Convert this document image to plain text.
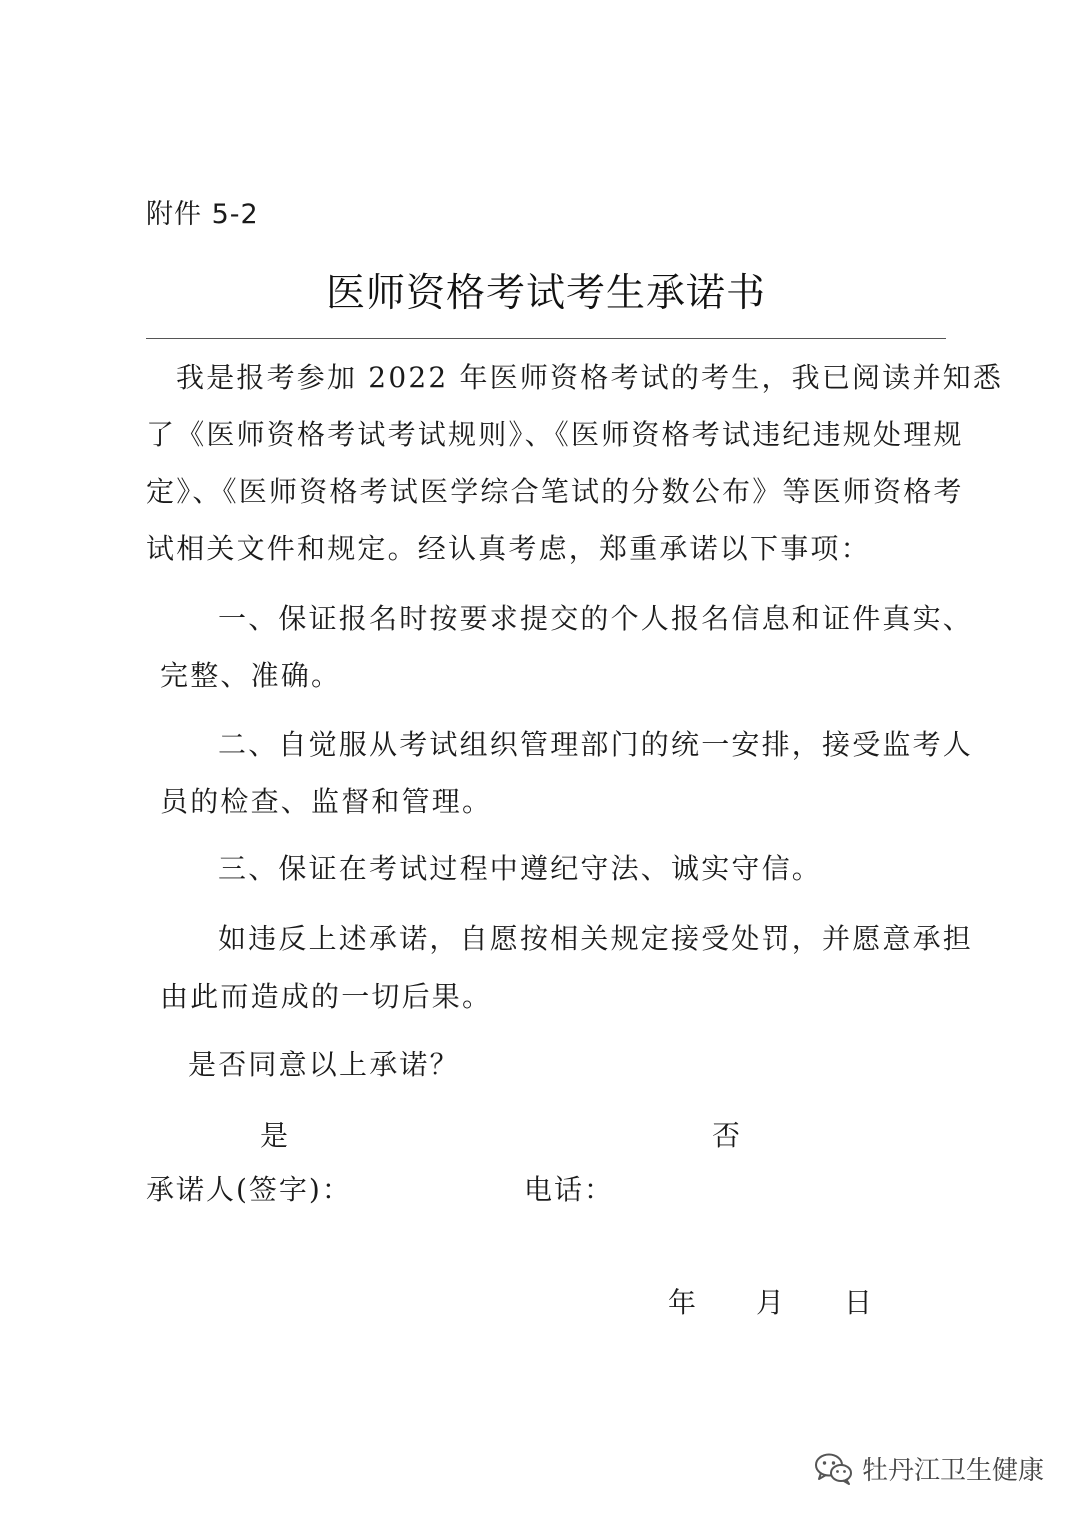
附件 5-2
医师资格考试考生承诺书
我是报考参加 2022 年医师资格考试的考生，我已阅读并知悉
了《医师资格考试考试规则》、《医师资格考试违纪违规处理规
定》、《医师资格考试医学综合笔试的分数公布》等医师资格考
试相关文件和规定。经认真考虑，郑重承诺以下事项：
一、保证报名时按要求提交的个人报名信息和证件真实、
完整、准确。
二、自觉服从考试组织管理部门的统一安排，接受监考人
员的检查、监督和管理。
三、保证在考试过程中遵纪守法、诚实守信。
如违反上述承诺，自愿按相关规定接受处罚，并愿意承担
由此而造成的一切后果。
是否同意以上承诺？
是	否
承诺人(签字)：	电话：
年 月 日
牡丹江卫生健康
